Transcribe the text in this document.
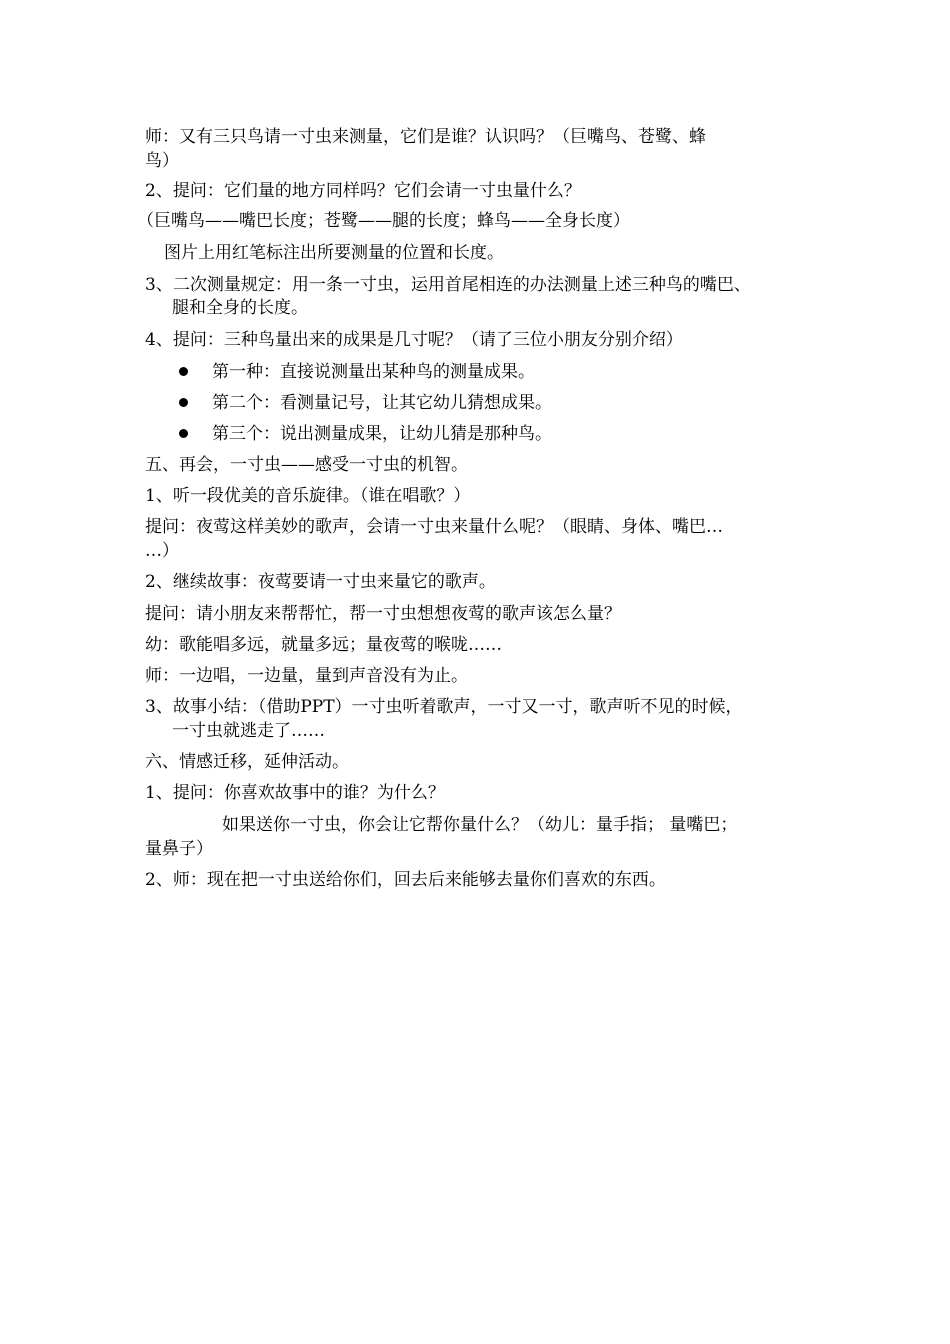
师：又有三只鸟请一寸虫来测量，它们是谁？认识吗？（巨嘴鸟、苍鹭、蜂
鸟）
2、提问：它们量的地方同样吗？它们会请一寸虫量什么？
（巨嘴鸟——嘴巴长度；苍鹭——腿的长度；蜂鸟——全身长度）
图片上用红笔标注出所要测量的位置和长度。
3、二次测量规定：用一条一寸虫，运用首尾相连的办法测量上述三种鸟的嘴巴、
腿和全身的长度。
4、提问：三种鸟量出来的成果是几寸呢？（请了三位小朋友分别介绍）
第一种：直接说测量出某种鸟的测量成果。
第二个：看测量记号，让其它幼儿猜想成果。
第三个：说出测量成果，让幼儿猜是那种鸟。
五、再会，一寸虫——感受一寸虫的机智。
1、听一段优美的音乐旋律。（谁在唱歌？）
提问：夜莺这样美妙的歌声，会请一寸虫来量什么呢？（眼睛、身体、嘴巴…
…）
2、继续故事：夜莺要请一寸虫来量它的歌声。
提问：请小朋友来帮帮忙，帮一寸虫想想夜莺的歌声该怎么量？
幼：歌能唱多远，就量多远；量夜莺的喉咙……
师：一边唱，一边量，量到声音没有为止。
3、故事小结：（借助PPT）一寸虫听着歌声，一寸又一寸，歌声听不见的时候，
一寸虫就逃走了……
六、情感迁移，延伸活动。
1、提问：你喜欢故事中的谁？为什么？
如果送你一寸虫，你会让它帮你量什么？（幼儿：量手指； 量嘴巴；
量鼻子）
2、师：现在把一寸虫送给你们，回去后来能够去量你们喜欢的东西。
